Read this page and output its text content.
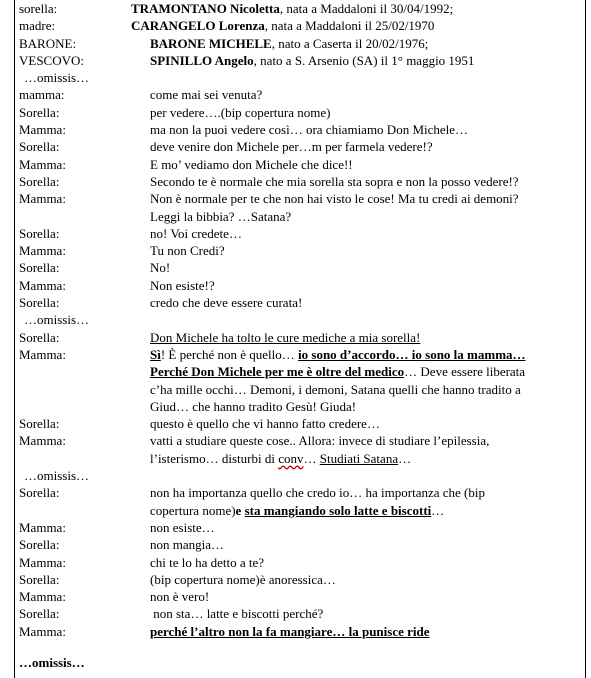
sorella:	TRAMONTANO Nicoletta, nata a Maddaloni il 30/04/1992;
madre:	CARANGELO Lorenza, nata a Maddaloni il 25/02/1970
BARONE:	BARONE MICHELE, nato a Caserta il 20/02/1976;
VESCOVO:	SPINILLO Angelo, nato a S. Arsenio (SA) il 1° maggio 1951
…omissis…
mamma:	come mai sei venuta?
Sorella:	per vedere….(bip copertura nome)
Mamma:	ma non la puoi vedere così… ora chiamiamo Don Michele…
Sorella:	deve venire don Michele per…m per farmela vedere!?
Mamma:	E mo’ vediamo don Michele che dice!!
Sorella:	Secondo te è normale che mia sorella sta sopra e non la posso vedere!?
Mamma:	Non è normale per te che non hai visto le cose! Ma tu credi ai demoni?
Leggi la bibbia? …Satana?
Sorella:	no! Voi credete…
Mamma:	Tu non Credi?
Sorella:	No!
Mamma:	Non esiste!?
Sorella:	credo che deve essere curata!
…omissis…
Sorella:	Don Michele ha tolto le cure mediche a mia sorella!
Mamma:	Sì! È perché non è quello… io sono d’accordo… io sono la mamma…
Perché Don Michele per me è oltre del medico… Deve essere liberata
c’ha mille occhi… Demoni, i demoni, Satana quelli che hanno tradito a
Giud… che hanno tradito Gesù! Giuda!
Sorella:	questo è quello che vi hanno fatto credere…
Mamma:	vatti a studiare queste cose.. Allora: invece di studiare l’epilessia,
l’isterismo… disturbi di conv… Studiati Satana…
…omissis…
Sorella:	non ha importanza quello che credo io… ha importanza che (bip
copertura nome)e sta mangiando solo latte e biscotti…
Mamma:	non esiste…
Sorella:	non mangia…
Mamma:	chi te lo ha detto a te?
Sorella:	(bip copertura nome)è anoressica…
Mamma:	non è vero!
Sorella:	non sta… latte e biscotti perché?
Mamma:	perché l’altro non la fa mangiare… la punisce ride
…omissis…
